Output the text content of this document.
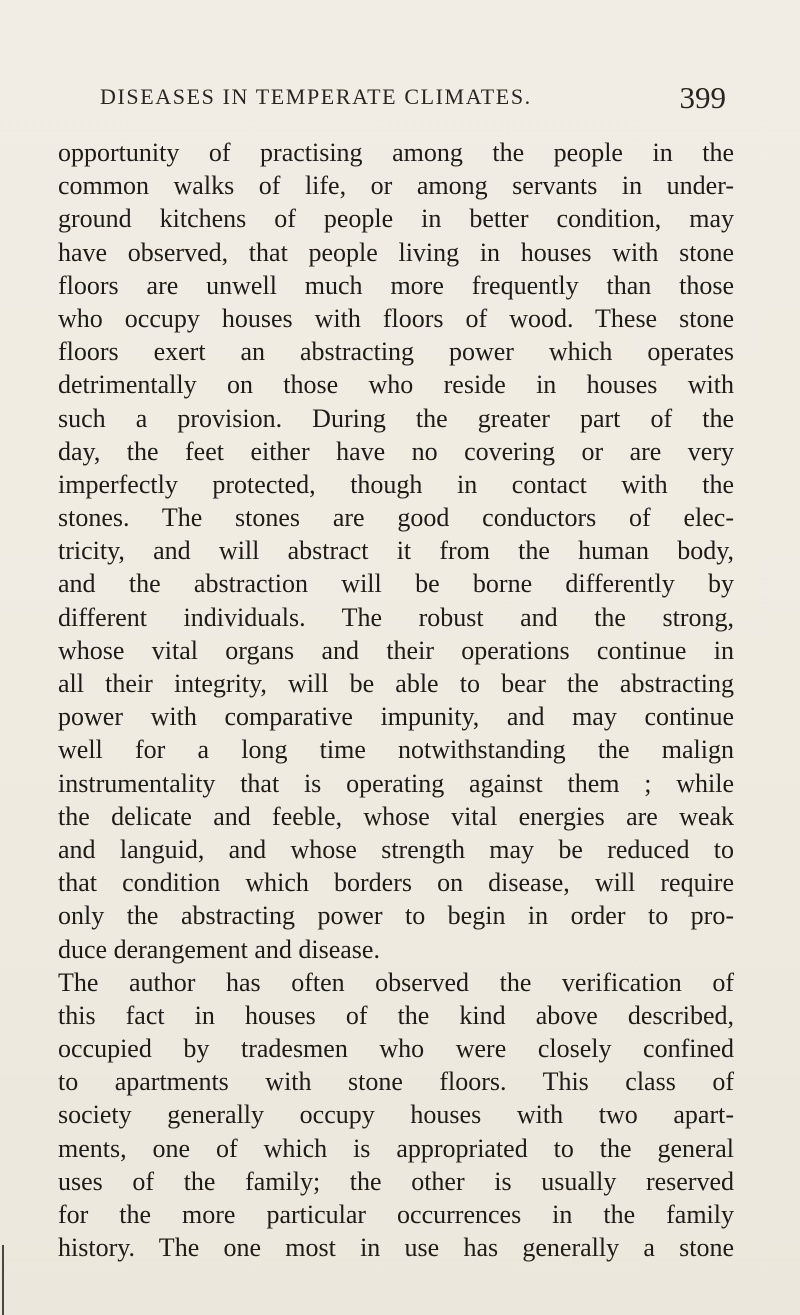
DISEASES IN TEMPERATE CLIMATES.	399
opportunity of practising among the people in the
common walks of life, or among servants in under-
ground kitchens of people in better condition, may
have observed, that people living in houses with stone
floors are unwell much more frequently than those
who occupy houses with floors of wood. These stone
floors exert an abstracting power which operates
detrimentally on those who reside in houses with
such a provision. During the greater part of the
day, the feet either have no covering or are very
imperfectly protected, though in contact with the
stones. The stones are good conductors of elec-
tricity, and will abstract it from the human body,
and the abstraction will be borne differently by
different individuals. The robust and the strong,
whose vital organs and their operations continue in
all their integrity, will be able to bear the abstracting
power with comparative impunity, and may continue
well for a long time notwithstanding the malign
instrumentality that is operating against them ; while
the delicate and feeble, whose vital energies are weak
and languid, and whose strength may be reduced to
that condition which borders on disease, will require
only the abstracting power to begin in order to pro-
duce derangement and disease.
The author has often observed the verification of
this fact in houses of the kind above described,
occupied by tradesmen who were closely confined
to apartments with stone floors. This class of
society generally occupy houses with two apart-
ments, one of which is appropriated to the general
uses of the family; the other is usually reserved
for the more particular occurrences in the family
history. The one most in use has generally a stone
